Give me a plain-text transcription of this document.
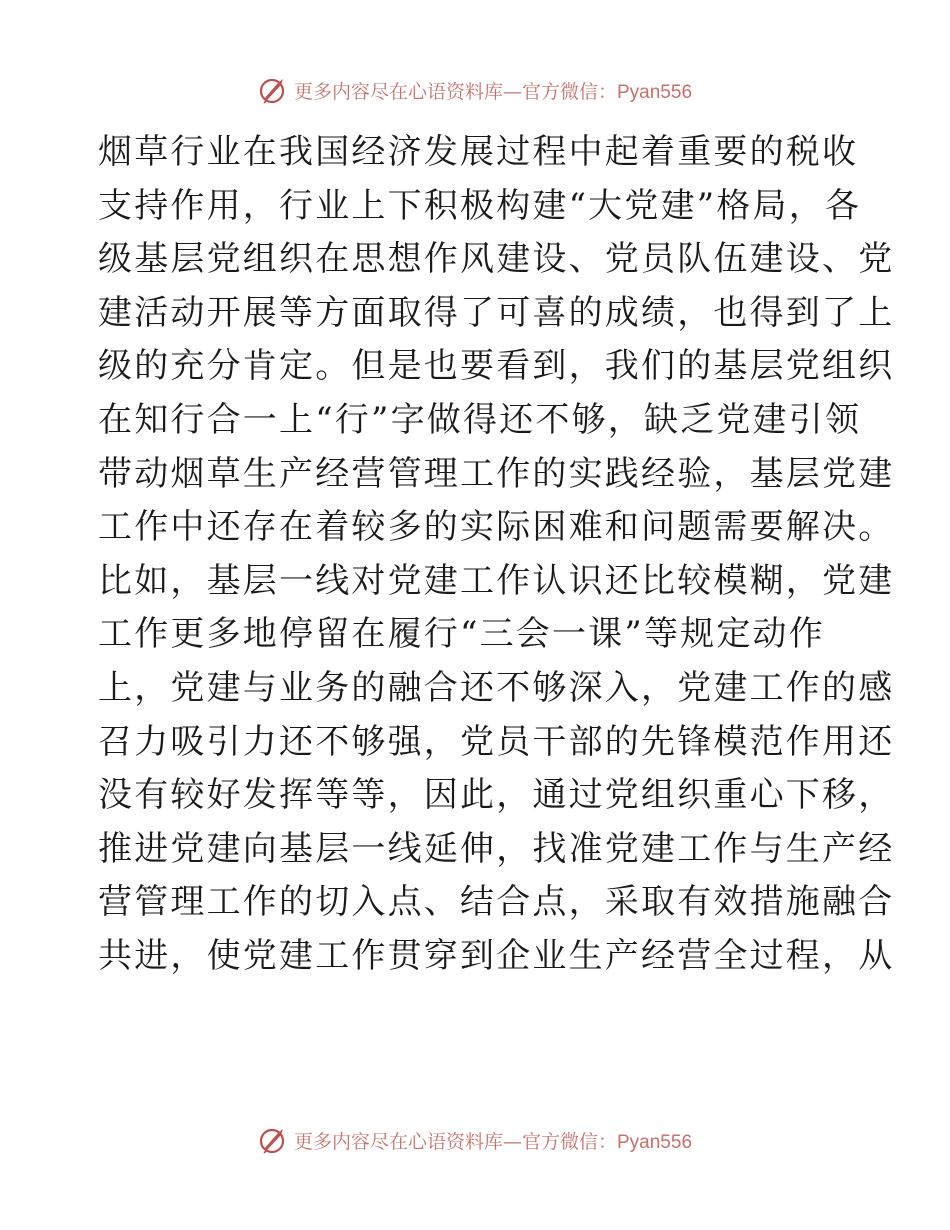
更多内容尽在心语资料库—官方微信：Pyan556
烟草行业在我国经济发展过程中起着重要的税收
支持作用，行业上下积极构建“大党建”格局，各
级基层党组织在思想作风建设、党员队伍建设、党
建活动开展等方面取得了可喜的成绩，也得到了上
级的充分肯定。但是也要看到，我们的基层党组织
在知行合一上“行”字做得还不够，缺乏党建引领
带动烟草生产经营管理工作的实践经验，基层党建
工作中还存在着较多的实际困难和问题需要解决。
比如，基层一线对党建工作认识还比较模糊，党建
工作更多地停留在履行“三会一课”等规定动作
上，党建与业务的融合还不够深入，党建工作的感
召力吸引力还不够强，党员干部的先锋模范作用还
没有较好发挥等等，因此，通过党组织重心下移，
推进党建向基层一线延伸，找准党建工作与生产经
营管理工作的切入点、结合点，采取有效措施融合
共进，使党建工作贯穿到企业生产经营全过程，从
更多内容尽在心语资料库—官方微信：Pyan556
